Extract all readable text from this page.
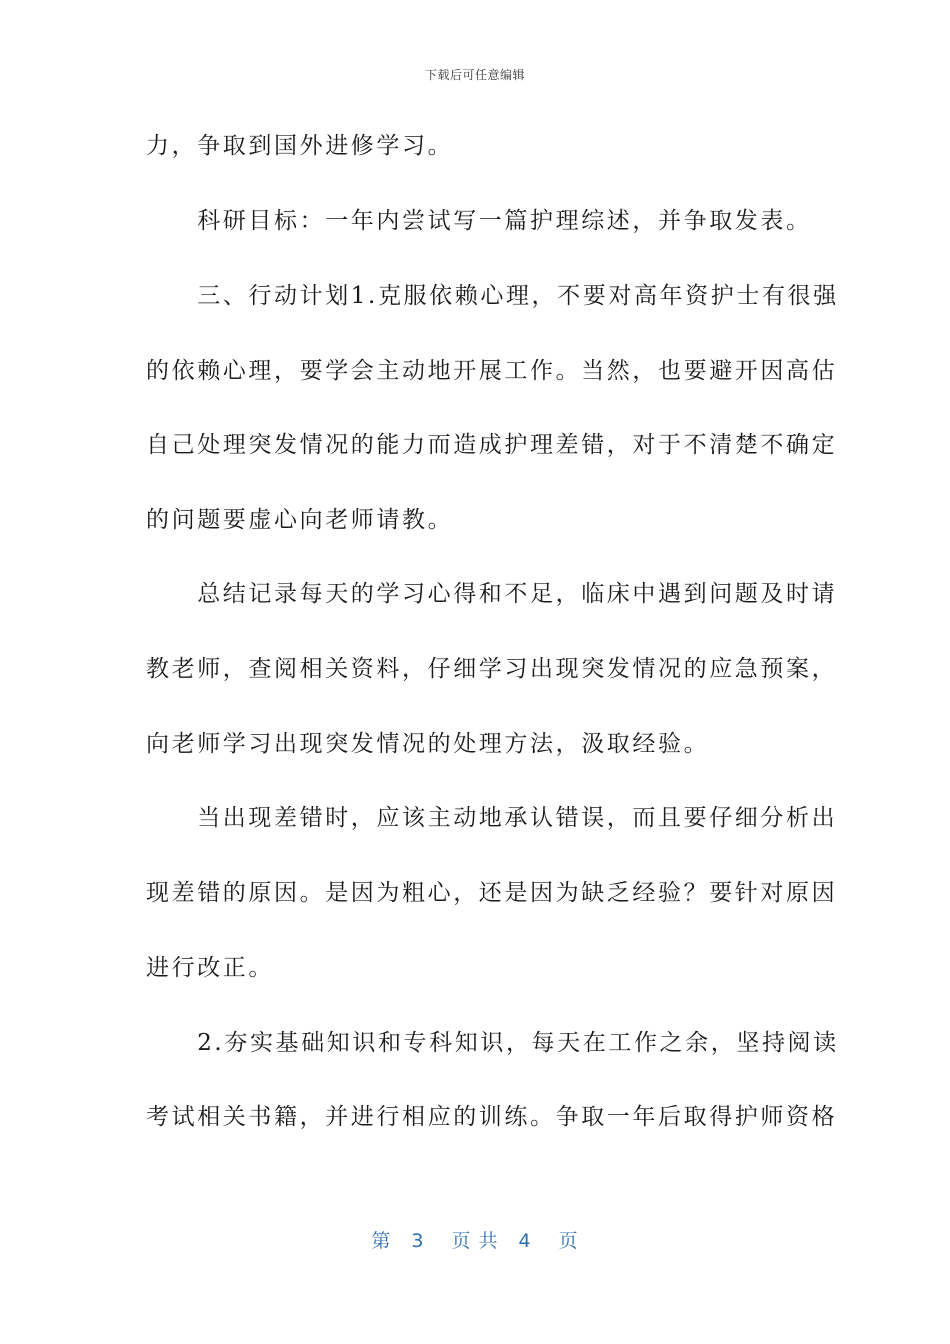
下载后可任意编辑
力，争取到国外进修学习。
　　科研目标：一年内尝试写一篇护理综述，并争取发表。
　　三、行动计划1.克服依赖心理，不要对高年资护士有很强
的依赖心理，要学会主动地开展工作。当然，也要避开因高估
自己处理突发情况的能力而造成护理差错，对于不清楚不确定
的问题要虚心向老师请教。
　　总结记录每天的学习心得和不足，临床中遇到问题及时请
教老师，查阅相关资料，仔细学习出现突发情况的应急预案，
向老师学习出现突发情况的处理方法，汲取经验。
　　当出现差错时，应该主动地承认错误，而且要仔细分析出
现差错的原因。是因为粗心，还是因为缺乏经验？要针对原因
进行改正。
　　2.夯实基础知识和专科知识，每天在工作之余，坚持阅读
考试相关书籍，并进行相应的训练。争取一年后取得护师资格
第　3　 页 共　4　 页
